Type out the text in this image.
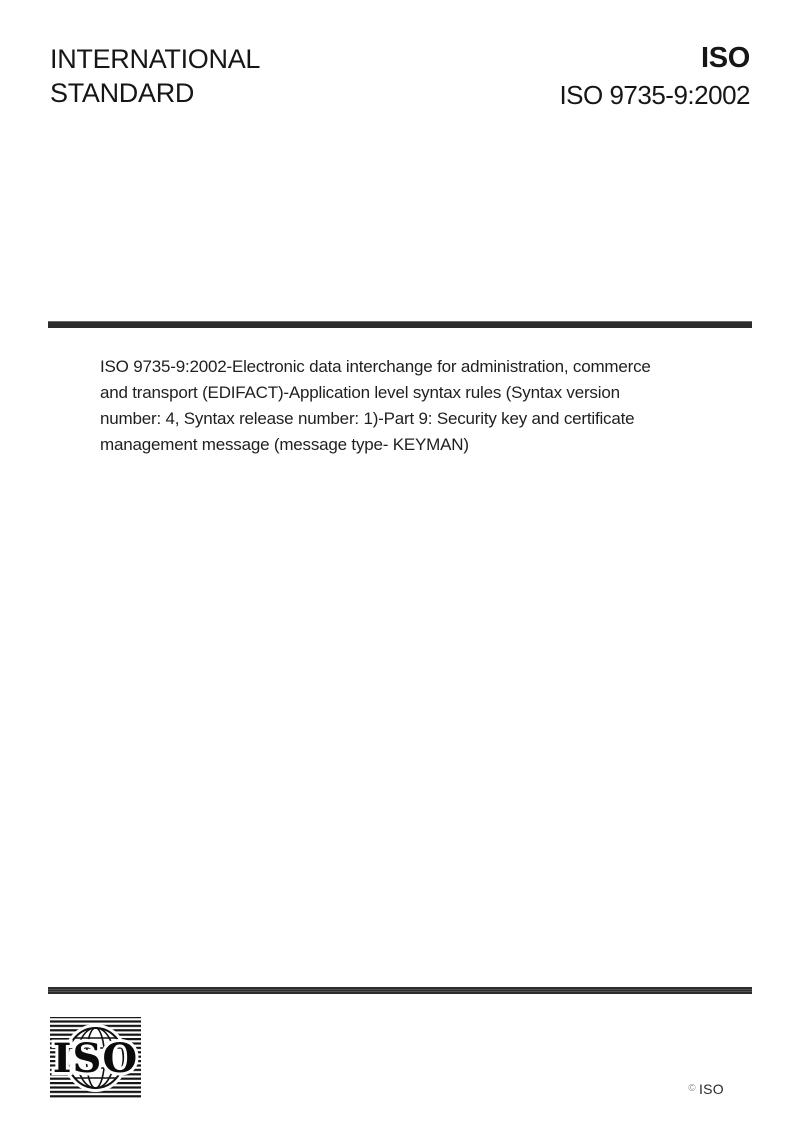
INTERNATIONAL
STANDARD
ISO
ISO 9735-9:2002
ISO 9735-9:2002-Electronic data interchange for administration, commerce
and transport (EDIFACT)-Application level syntax rules (Syntax version
number: 4, Syntax release number: 1)-Part 9: Security key and certificate
management message (message type- KEYMAN)
ISO
© ISO
